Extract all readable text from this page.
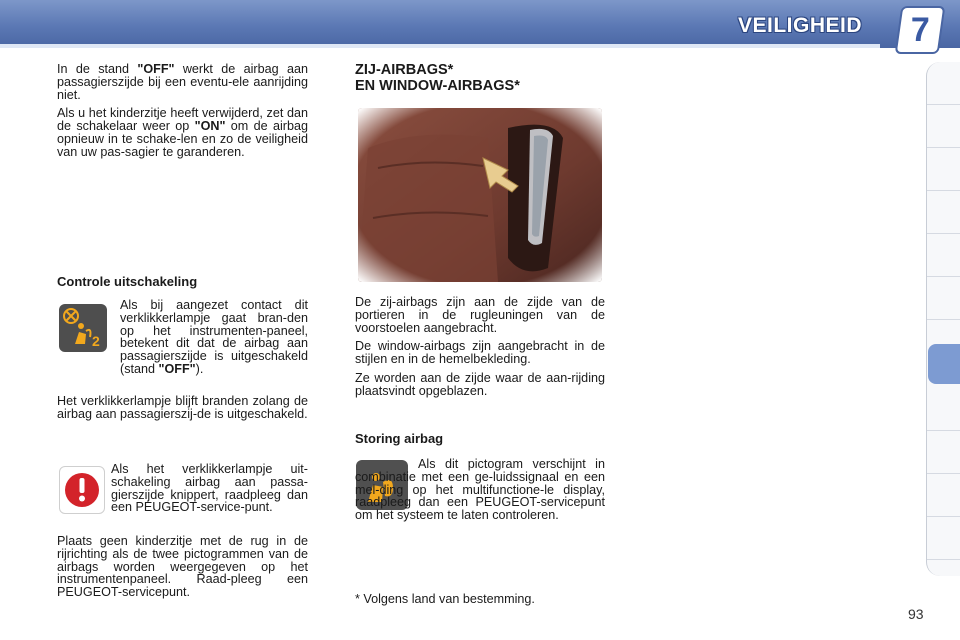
VEILIGHEID 7

In de stand "OFF" werkt de airbag aan passagierszijde bij een eventu-ele aanrijding niet.

Als u het kinderzitje heeft verwijderd, zet dan de schakelaar weer op "ON" om de airbag opnieuw in te schake-len en zo de veiligheid van uw pas-sagier te garanderen.

Controle uitschakeling

2

Als bij aangezet contact dit verklikkerlampje gaat bran-den op het instrumenten-paneel, betekent dit dat de airbag aan passagierszijde is uitgeschakeld (stand "OFF").

Het verklikkerlampje blijft branden zolang de airbag aan passagierszij-de is uitgeschakeld.

Als het verklikkerlampje uit-schakeling airbag aan passa-gierszijde knippert, raadpleeg dan een PEUGEOT-service-punt.

Plaats geen kinderzitje met de rug in de rijrichting als de twee pictogrammen van de airbags worden weergegeven op het instrumentenpaneel. Raad-pleeg een PEUGEOT-servicepunt.

ZIJ-AIRBAGS*
EN WINDOW-AIRBAGS*

De zij-airbags zijn aan de zijde van de portieren in de rugleuningen van de voorstoelen aangebracht.

De window-airbags zijn aangebracht in de stijlen en in de hemelbekleding.

Ze worden aan de zijde waar de aan-rijding plaatsvindt opgeblazen.

Storing airbag

Als dit pictogram verschijnt in combinatie met een ge-luidssignaal en een mel-ding op het multifunctione-le display, raadpleeg dan een PEUGEOT-servicepunt om het systeem te laten controleren.

* Volgens land van bestemming.

93
